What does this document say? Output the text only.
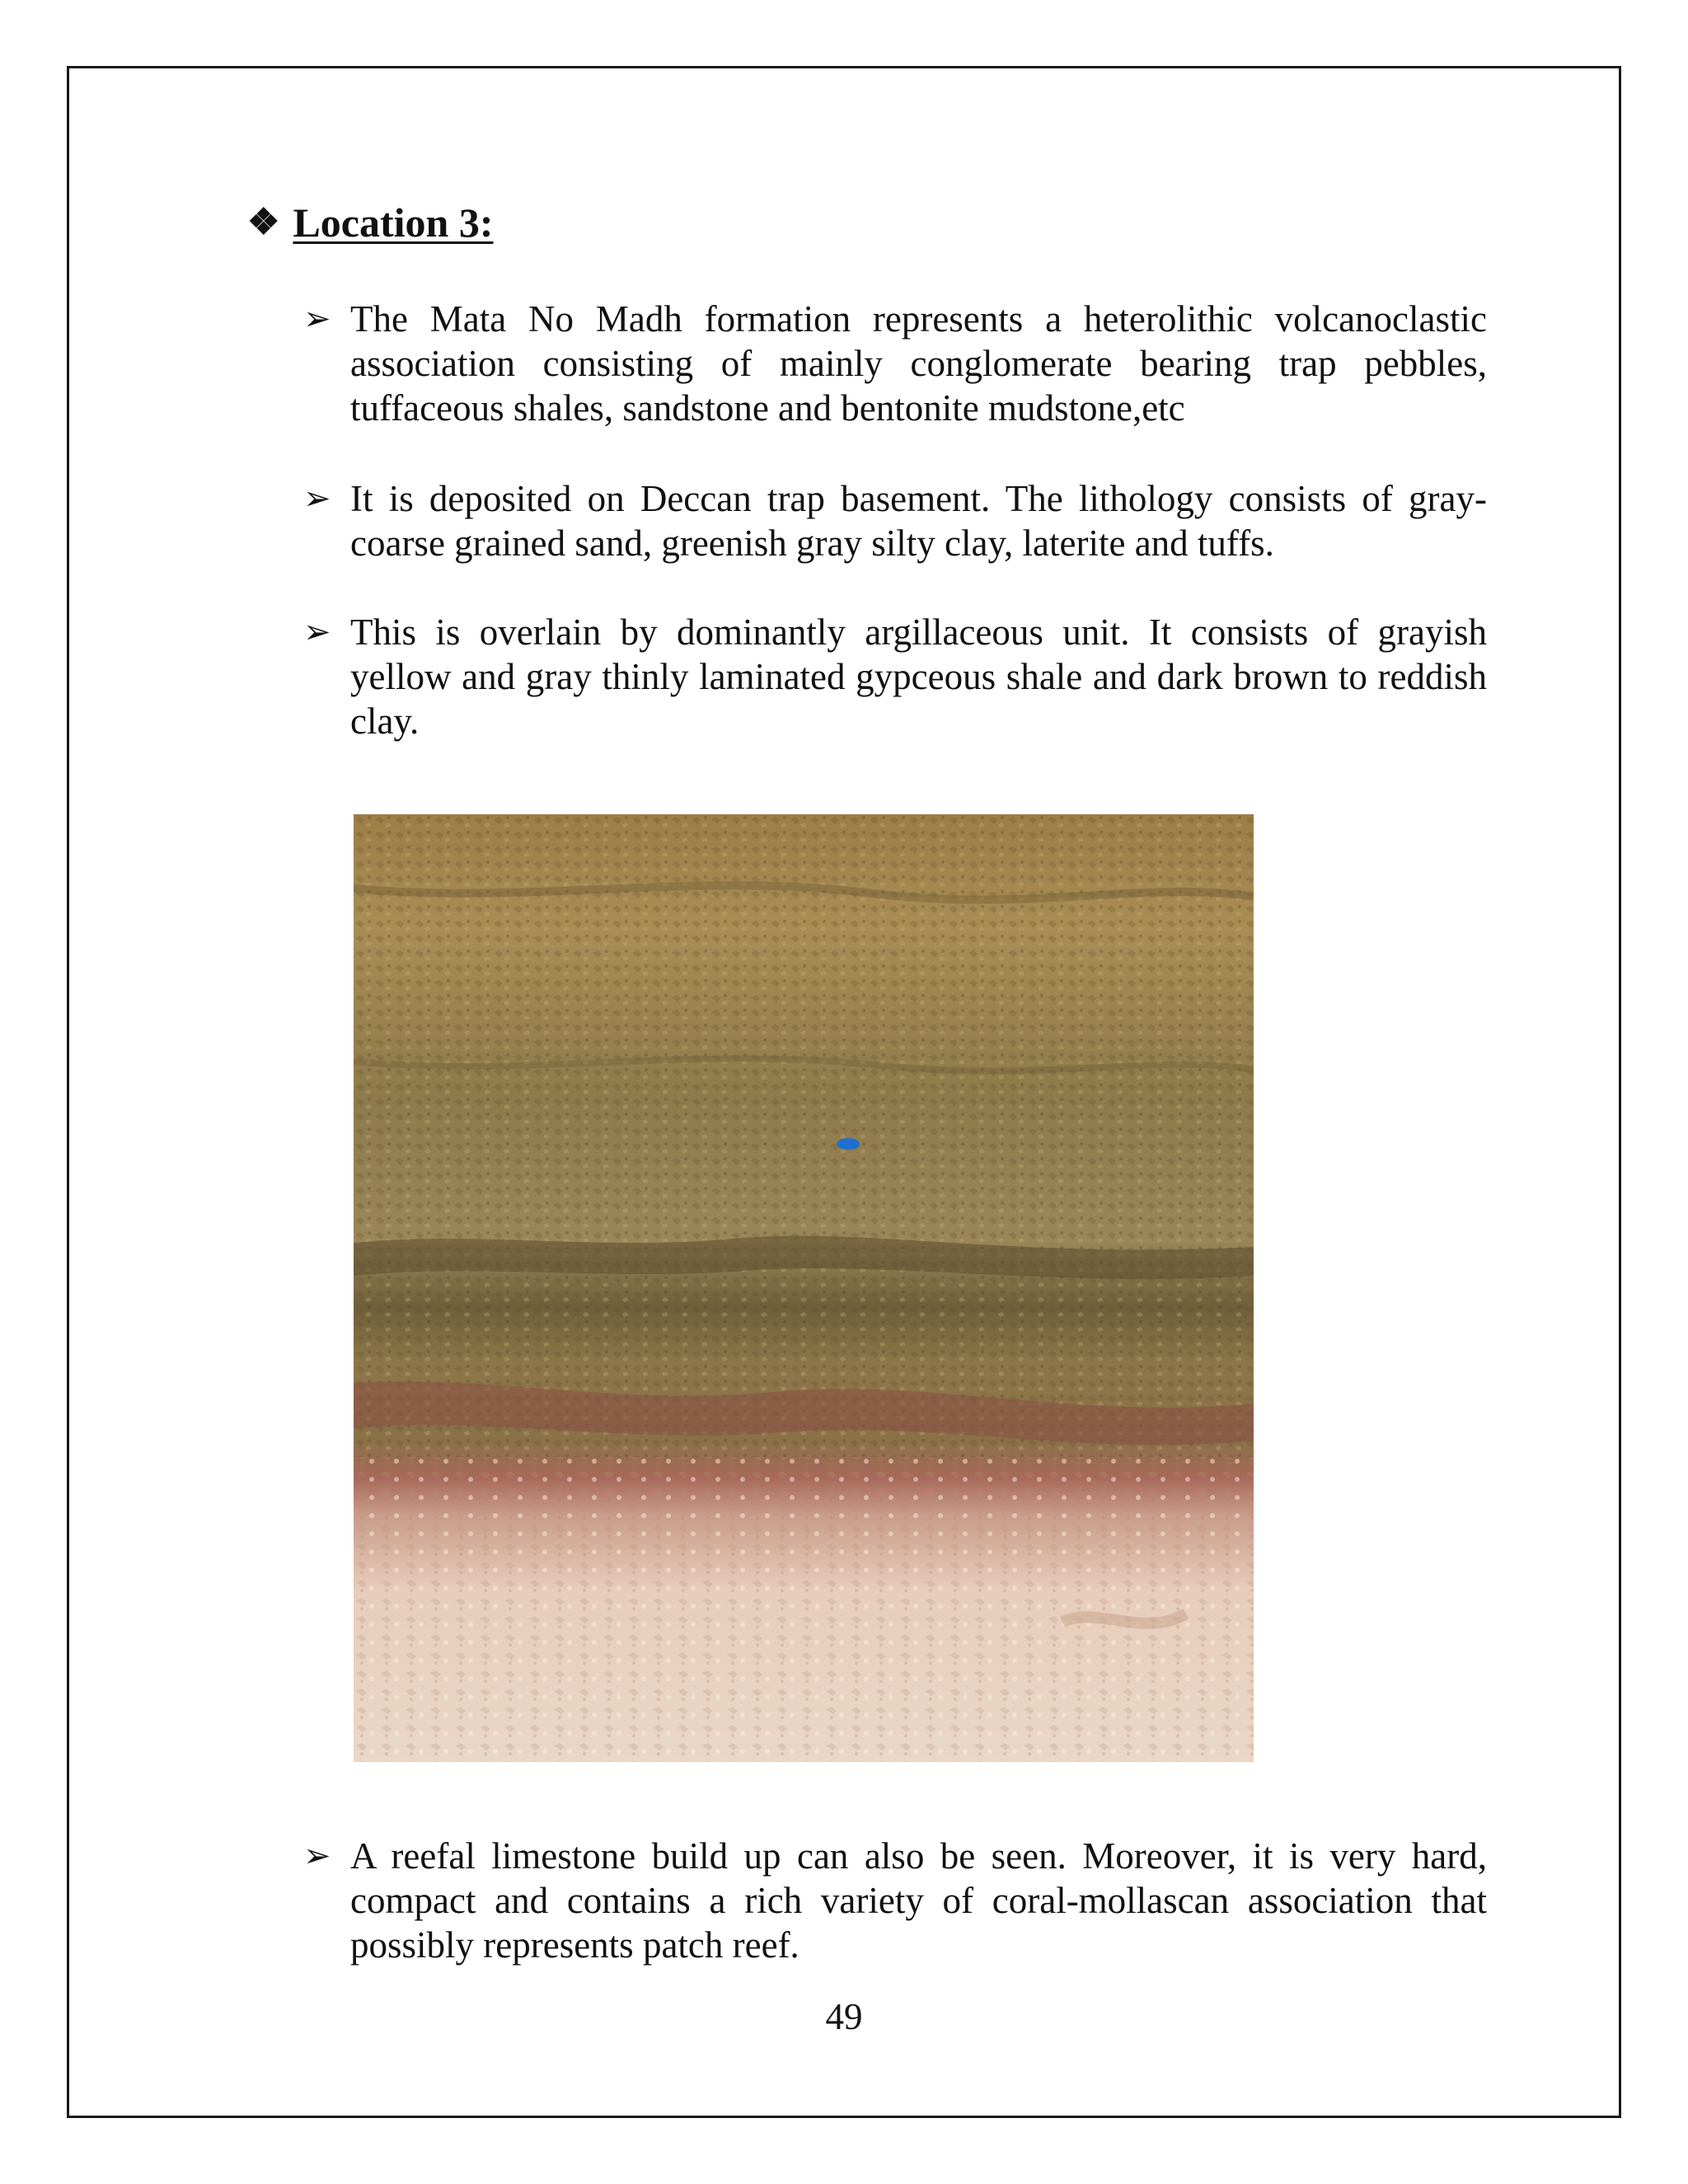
❖ Location 3:
➢ The Mata No Madh formation represents a heterolithic volcanoclastic association consisting of mainly conglomerate bearing trap pebbles, tuffaceous shales, sandstone and bentonite mudstone,etc
➢ It is deposited on Deccan trap basement. The lithology consists of gray-coarse grained sand, greenish gray silty clay, laterite and tuffs.
➢ This is overlain by dominantly argillaceous unit. It consists of grayish yellow and gray thinly laminated gypceous shale and dark brown to reddish clay.
➢ A reefal limestone build up can also be seen. Moreover, it is very hard, compact and contains a rich variety of coral-mollascan association that possibly represents patch reef.
49
